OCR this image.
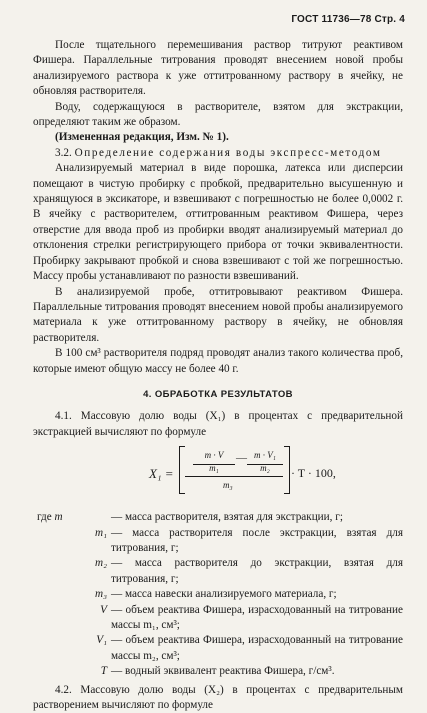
ГОСТ 11736—78 Стр. 4

После тщательного перемешивания раствор титруют реактивом Фишера. Параллельные титрования проводят внесением новой пробы анализируемого раствора к уже оттитрованному раствору в ячейку, не обновляя растворителя.

Воду, содержащуюся в растворителе, взятом для экстракции, определяют таким же образом.

(Измененная редакция, Изм. № 1).

3.2. Определение содержания воды экспресс-методом

Анализируемый материал в виде порошка, латекса или дисперсии помещают в чистую пробирку с пробкой, предварительно высушенную и хранящуюся в эксикаторе, и взвешивают с погрешностью не более 0,0002 г. В ячейку с растворителем, оттитрованным реактивом Фишера, через отверстие для ввода проб из пробирки вводят анализируемый материал до отклонения стрелки регистрирующего прибора от точки эквивалентности. Пробирку закрывают пробкой и снова взвешивают с той же погрешностью. Массу пробы устанавливают по разности взвешиваний.

В анализируемой пробе, оттитровывают реактивом Фишера. Параллельные титрования проводят внесением новой пробы анализируемого материала к уже оттитрованному раствору в ячейку, не обновляя растворителя.

В 100 см³ растворителя подряд проводят анализ такого количества проб, которые имеют общую массу не более 40 г.

4. ОБРАБОТКА РЕЗУЛЬТАТОВ

4.1. Массовую долю воды (X₁) в процентах с предварительной экстракцией вычисляют по формуле

X₁ =
m · V
m₁
— m · V₁
m₂
m₃
· T · 100,
где m	— масса растворителя, взятая для экстракции, г;
m₁ — масса растворителя после экстракции, взятая для титрования, г;
m₂ — масса растворителя до экстракции, взятая для титрования, г;
m₃ — масса навески анализируемого материала, г;
V — объем реактива Фишера, израсходованный на титрование массы m₁, см³;
V₁ — объем реактива Фишера, израсходованный на титрование массы m₂, см³;
T — водный эквивалент реактива Фишера, г/см³.

4.2. Массовую долю воды (X₂) в процентах с предварительным растворением вычисляют по формуле
